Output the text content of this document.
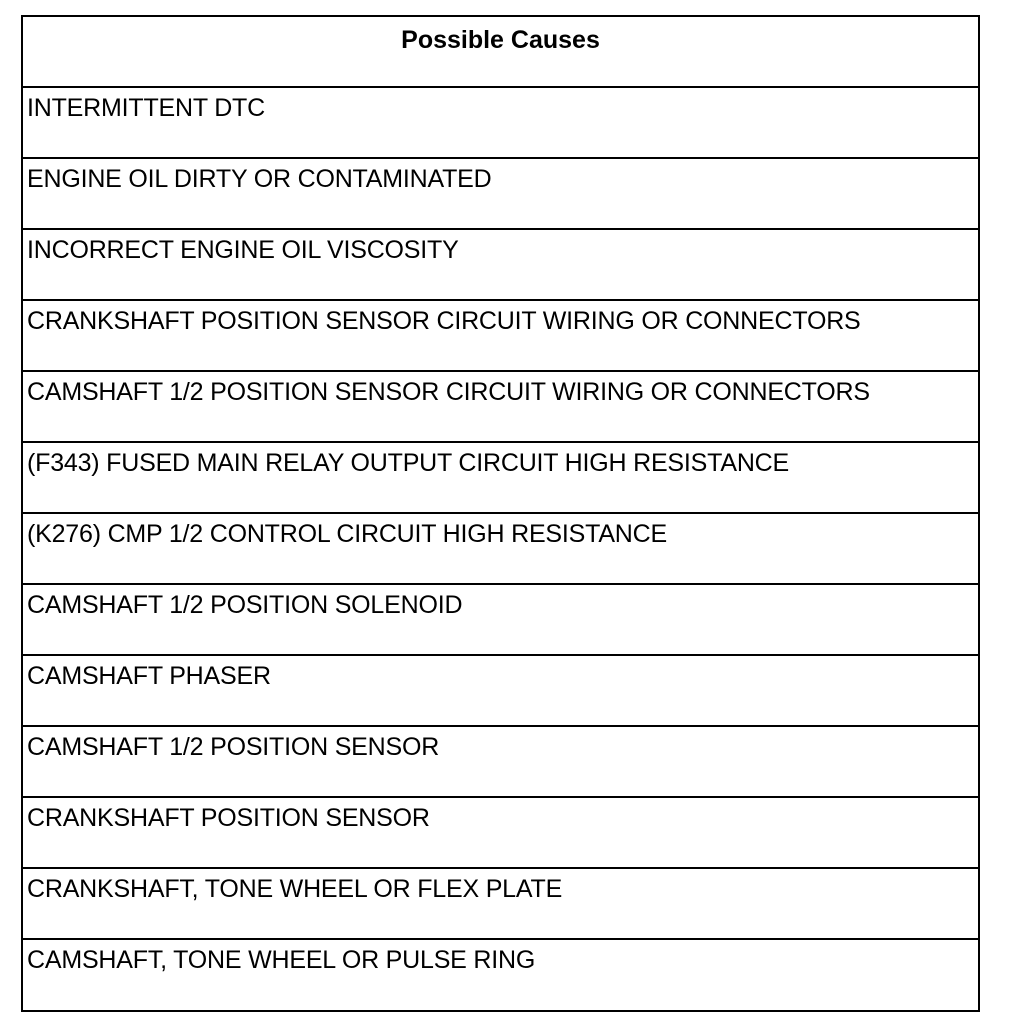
Possible Causes
INTERMITTENT DTC
ENGINE OIL DIRTY OR CONTAMINATED
INCORRECT ENGINE OIL VISCOSITY
CRANKSHAFT POSITION SENSOR CIRCUIT WIRING OR CONNECTORS
CAMSHAFT 1/2 POSITION SENSOR CIRCUIT WIRING OR CONNECTORS
(F343) FUSED MAIN RELAY OUTPUT CIRCUIT HIGH RESISTANCE
(K276) CMP 1/2 CONTROL CIRCUIT HIGH RESISTANCE
CAMSHAFT 1/2 POSITION SOLENOID
CAMSHAFT PHASER
CAMSHAFT 1/2 POSITION SENSOR
CRANKSHAFT POSITION SENSOR
CRANKSHAFT, TONE WHEEL OR FLEX PLATE
CAMSHAFT, TONE WHEEL OR PULSE RING
